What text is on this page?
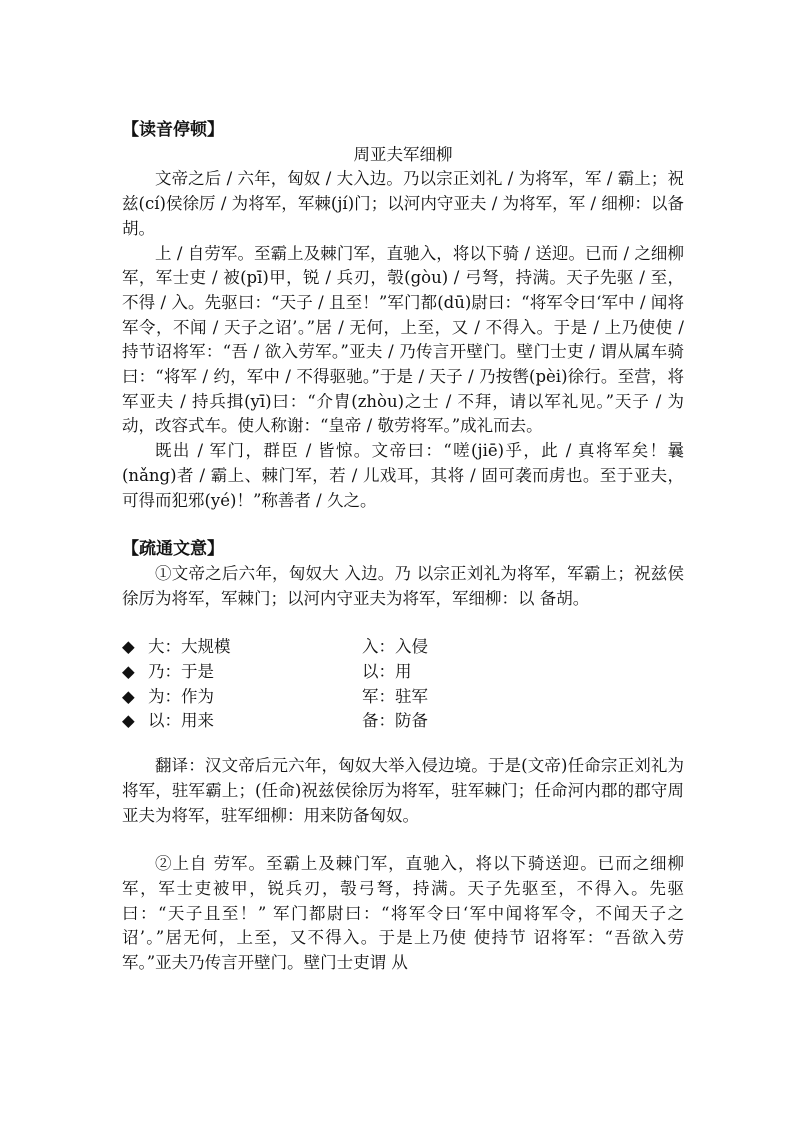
【读音停顿】
周亚夫军细柳

文帝之后 / 六年，匈奴 / 大入边。乃以宗正刘礼 / 为将军，军 / 霸上；祝兹(cí)侯徐厉 / 为将军，军棘(jí)门；以河内守亚夫 / 为将军，军 / 细柳：以备胡。

上 / 自劳军。至霸上及棘门军，直驰入，将以下骑 / 送迎。已而 / 之细柳军，军士吏 / 被(pī)甲，锐 / 兵刃，彀(gòu) / 弓弩，持满。天子先驱 / 至，不得 / 入。先驱曰：“天子 / 且至！”军门都(dū)尉曰：“将军令曰‘军中 / 闻将军令，不闻 / 天子之诏’。”居 / 无何，上至，又 / 不得入。于是 / 上乃使使 / 持节诏将军：“吾 / 欲入劳军。”亚夫 / 乃传言开壁门。壁门士吏 / 谓从属车骑曰：“将军 / 约，军中 / 不得驱驰。”于是 / 天子 / 乃按辔(pèi)徐行。至营，将军亚夫 / 持兵揖(yī)曰：“介胄(zhòu)之士 / 不拜，请以军礼见。”天子 / 为动，改容式车。使人称谢：“皇帝 / 敬劳将军。”成礼而去。

既出 / 军门，群臣 / 皆惊。文帝曰：“嗟(jiē)乎，此 / 真将军矣！曩(nǎng)者 / 霸上、棘门军，若 / 儿戏耳，其将 / 固可袭而虏也。至于亚夫，可得而犯邪(yé)！”称善者 / 久之。

【疏通文意】

①文帝之后六年，匈奴大 入边。乃 以宗正刘礼为将军，军霸上；祝兹侯徐厉为将军，军棘门；以河内守亚夫为将军，军细柳：以 备胡。

◆ 大：大规模	入：入侵
◆ 乃：于是	以：用
◆ 为：作为	军：驻军
◆ 以：用来	备：防备

翻译：汉文帝后元六年，匈奴大举入侵边境。于是(文帝)任命宗正刘礼为将军，驻军霸上；(任命)祝兹侯徐厉为将军，驻军棘门；任命河内郡的郡守周亚夫为将军，驻军细柳：用来防备匈奴。

②上自 劳军。至霸上及棘门军，直驰入，将以下骑送迎。已而之细柳军，军士吏被甲，锐兵刃，彀弓弩，持满。天子先驱至，不得入。先驱曰：“天子且至！” 军门都尉曰：“将军令曰‘军中闻将军令，不闻天子之诏’。”居无何，上至，又不得入。于是上乃使 使持节 诏将军：“吾欲入劳军。”亚夫乃传言开壁门。壁门士吏谓 从
